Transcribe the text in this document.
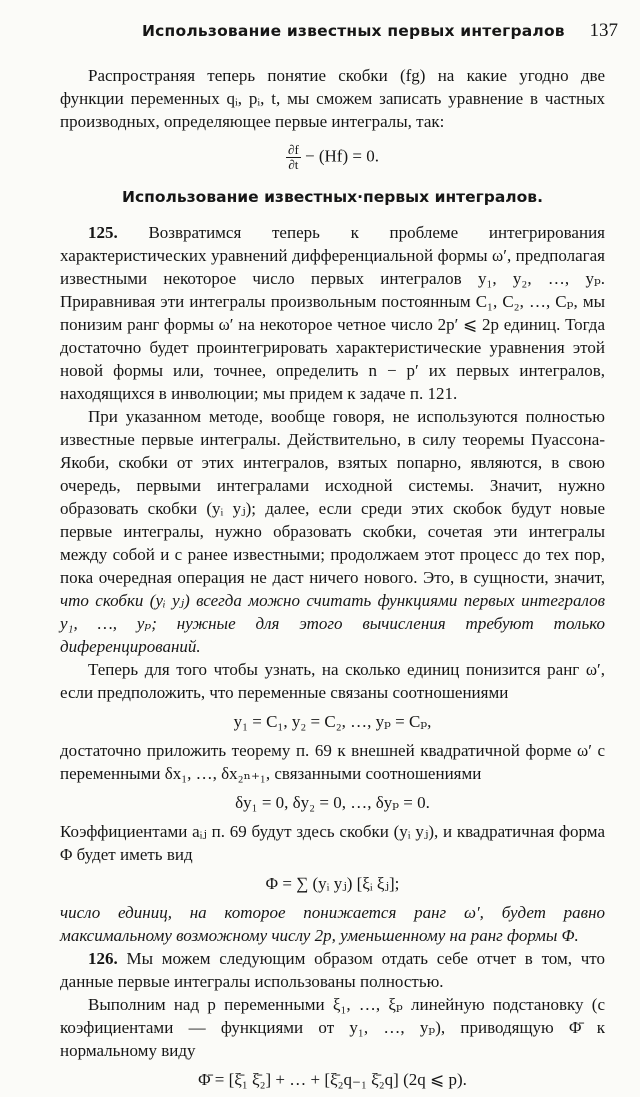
Использование известных первых интегралов 137

Распространяя теперь понятие скобки (fg) на какие угодно две функции переменных qᵢ, pᵢ, t, мы сможем записать уравнение в частных производных, определяющее первые интегралы, так:

$\frac{\partial f}{\partial t} - (Hf) = 0$.
Использование известных·первых интегралов.

125. Возвратимся теперь к проблеме интегрирования характеристических уравнений дифференциальной формы ω′, предполагая известными некоторое число первых интегралов y₁, y₂, …, yₚ. Приравнивая эти интегралы произвольным постоянным C₁, C₂, …, Cₚ, мы понизим ранг формы ω′ на некоторое четное число 2p′ ⩽ 2p единиц. Тогда достаточно будет проинтегрировать характеристические уравнения этой новой формы или, точнее, определить n − p′ их первых интегралов, находящихся в инволюции; мы придем к задаче п. 121.

При указанном методе, вообще говоря, не используются полностью известные первые интегралы. Действительно, в силу теоремы Пуассона-Якоби, скобки от этих интегралов, взятых попарно, являются, в свою очередь, первыми интегралами исходной системы. Значит, нужно образовать скобки (yᵢ yⱼ); далее, если среди этих скобок будут новые первые интегралы, нужно образовать скобки, сочетая эти интегралы между собой и с ранее известными; продолжаем этот процесс до тех пор, пока очередная операция не даст ничего нового. Это, в сущности, значит, что скобки (yᵢ yⱼ) всегда можно считать функциями первых интегралов y₁, …, yₚ; нужные для этого вычисления требуют только диференцирований.

Теперь для того чтобы узнать, на сколько единиц понизится ранг ω′, если предположить, что переменные связаны соотношениями

y₁ = C₁, y₂ = C₂, …, yₚ = Cₚ,

достаточно приложить теорему п. 69 к внешней квадратичной форме ω′ с переменными δx₁, …, δx₂ₙ₊₁, связанными соотношениями

δy₁ = 0, δy₂ = 0, …, δyₚ = 0.

Коэффициентами aᵢⱼ п. 69 будут здесь скобки (yᵢ yⱼ), и квадратичная форма Φ будет иметь вид

Φ = ∑ (yᵢ yⱼ) [ξᵢ ξⱼ];

число единиц, на которое понижается ранг ω′, будет равно максимальному возможному числу 2p, уменьшенному на ранг формы Φ.

126. Мы можем следующим образом отдать себе отчет в том, что данные первые интегралы использованы полностью.

Выполним над p переменными ξ₁, …, ξₚ линейную подстановку (с коэфициентами — функциями от y₁, …, yₚ), приводящую Φ̄ к нормальному виду

Φ̄ = [ξ̄₁ ξ̄₂] + … + [ξ̄₂q₋₁ ξ̄₂q] (2q ⩽ p).
